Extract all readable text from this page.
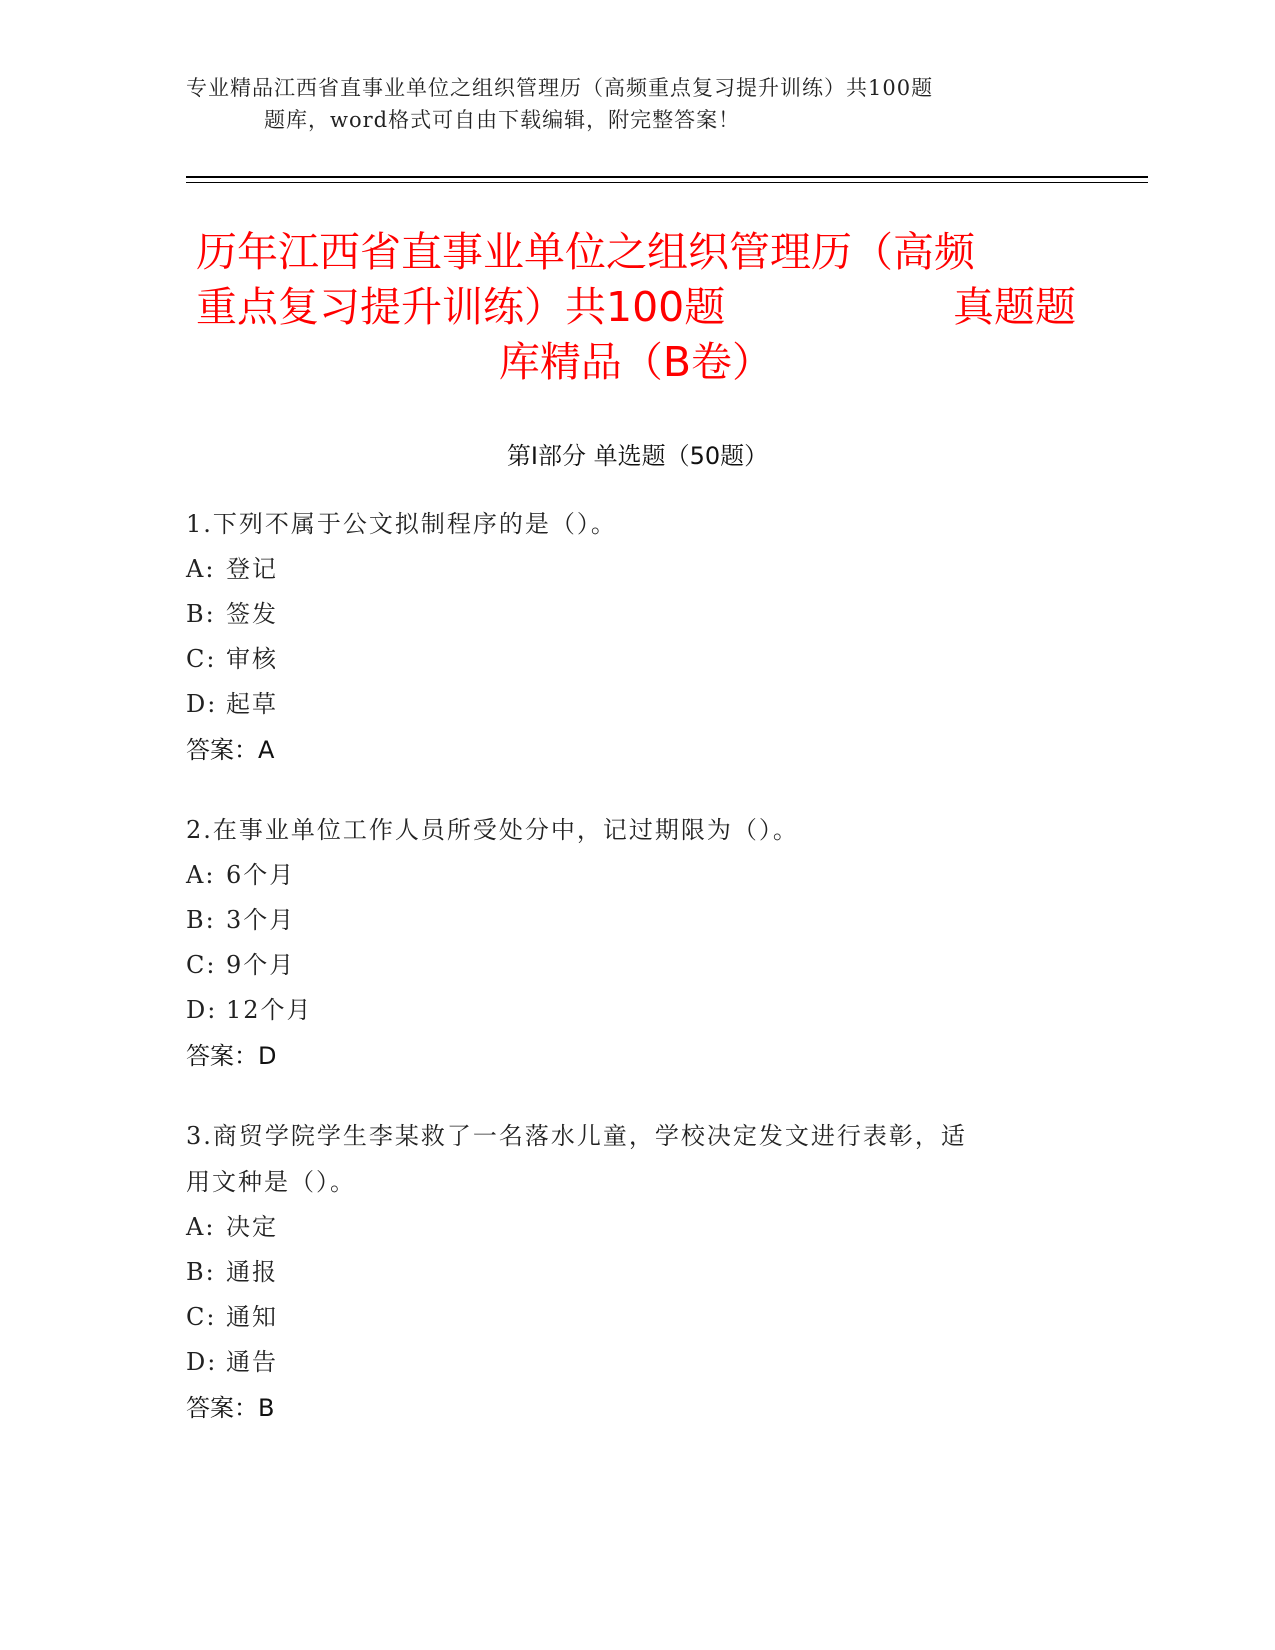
专业精品江西省直事业单位之组织管理历（高频重点复习提升训练）共100题
题库，word格式可自由下载编辑，附完整答案！
历年江西省直事业单位之组织管理历（高频
重点复习提升训练）共100题	真题题
库精品（B卷）
第Ⅰ部分 单选题（50题）
1.下列不属于公文拟制程序的是（）。
A: 登记
B: 签发
C: 审核
D: 起草
答案：A
2.在事业单位工作人员所受处分中，记过期限为（）。
A: 6个月
B: 3个月
C: 9个月
D: 12个月
答案：D
3.商贸学院学生李某救了一名落水儿童，学校决定发文进行表彰，适
用文种是（）。
A: 决定
B: 通报
C: 通知
D: 通告
答案：B
